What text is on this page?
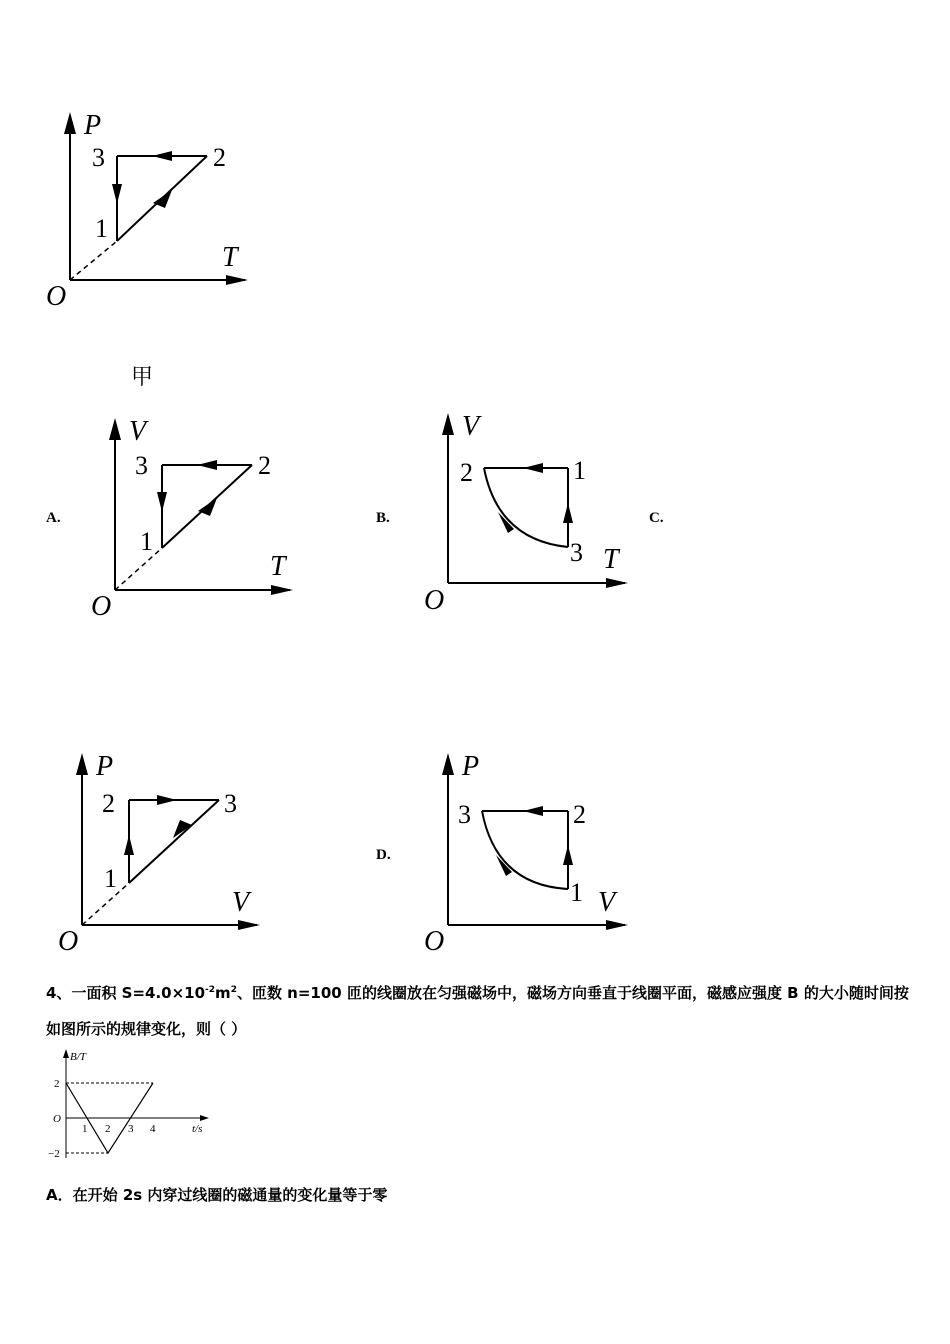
P
T
O
1
2
3
甲
A.
V
T
O
1
2
3
B.
V
T
O
1
2
3
C.
P
V
O
1
2	3
D.
P
V
O
1
2
3
4、一面积 $S=4.0\times 10^{-2}m^2$、匝数 n=100 匝的线圈放在匀强磁场中，磁场方向垂直于线圈平面，磁感应强度 B 的大小随时间按如图所示的规律变化，则（ ）
B/T
t/s
O
2
−2
1 2 3 4
A．在开始 2s 内穿过线圈的磁通量的变化量等于零
